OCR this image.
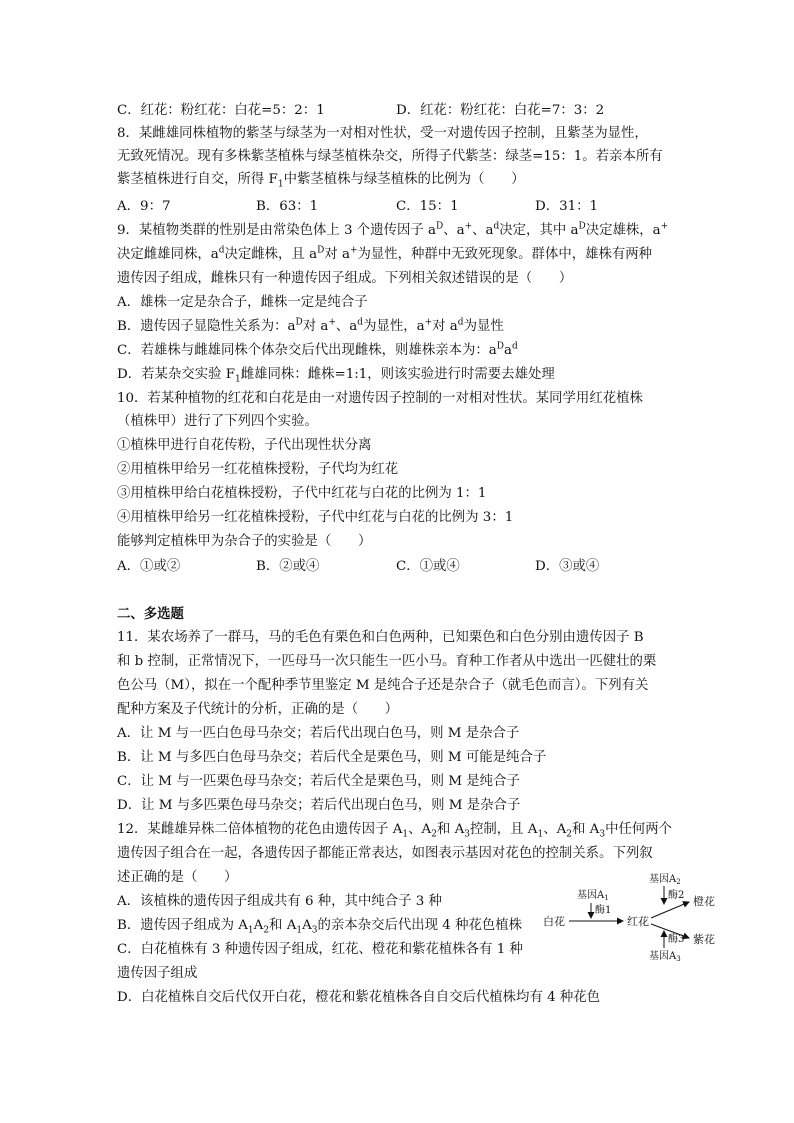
C．红花：粉红花：白花=5：2：1	D．红花：粉红花：白花=7：3：2
8．某雌雄同株植物的紫茎与绿茎为一对相对性状，受一对遗传因子控制，且紫茎为显性，
无致死情况。现有多株紫茎植株与绿茎植株杂交，所得子代紫茎：绿茎=15：1。若亲本所有
紫茎植株进行自交，所得 $F_1$中紫茎植株与绿茎植株的比例为（　　）
A．9：7	B．63：1	C．15：1	D．31：1
9．某植物类群的性别是由常染色体上 3 个遗传因子 $a^D$、a+、$a^d$决定，其中 $a^D$决定雄株，a+
决定雌雄同株，$a^d$决定雌株，且 $a^D$对 a+为显性，种群中无致死现象。群体中，雄株有两种
遗传因子组成，雌株只有一种遗传因子组成。下列相关叙述错误的是（　　）
A．雄株一定是杂合子，雌株一定是纯合子
B．遗传因子显隐性关系为：$a^D$对 a+、$a^d$为显性，a+对 $a^d$为显性
C．若雄株与雌雄同株个体杂交后代出现雌株，则雄株亲本为：$a^Da^d$
D．若某杂交实验 $F_1$雌雄同株：雌株=1:1，则该实验进行时需要去雄处理
10．若某种植物的红花和白花是由一对遗传因子控制的一对相对性状。某同学用红花植株
（植株甲）进行了下列四个实验。
①植株甲进行自花传粉，子代出现性状分离
②用植株甲给另一红花植株授粉，子代均为红花
③用植株甲给白花植株授粉，子代中红花与白花的比例为 1：1
④用植株甲给另一红花植株授粉，子代中红花与白花的比例为 3：1
能够判定植株甲为杂合子的实验是（　　）
A．①或②	B．②或④	C．①或④	D．③或④
二、多选题
11．某农场养了一群马，马的毛色有栗色和白色两种，已知栗色和白色分别由遗传因子 B
和 b 控制，正常情况下，一匹母马一次只能生一匹小马。育种工作者从中选出一匹健壮的栗
色公马（M），拟在一个配种季节里鉴定 M 是纯合子还是杂合子（就毛色而言）。下列有关
配种方案及子代统计的分析，正确的是（　　）
A．让 M 与一匹白色母马杂交；若后代出现白色马，则 M 是杂合子
B．让 M 与多匹白色母马杂交；若后代全是栗色马，则 M 可能是纯合子
C．让 M 与一匹栗色母马杂交；若后代全是栗色马，则 M 是纯合子
D．让 M 与多匹栗色母马杂交；若后代出现白色马，则 M 是杂合子
12．某雌雄异株二倍体植物的花色由遗传因子 $A_1$、$A_2$和 $A_3$控制，且 $A_1$、$A_2$和 $A_3$中任何两个
遗传因子组合在一起，各遗传因子都能正常表达，如图表示基因对花色的控制关系。下列叙
述正确的是（　　）
A．该植株的遗传因子组成共有 6 种，其中纯合子 3 种
B．遗传因子组成为 $A_1A_2$和 $A_1A_3$的亲本杂交后代出现 4 种花色植株
C．白花植株有 3 种遗传因子组成，红花、橙花和紫花植株各有 1 种
遗传因子组成
D．白花植株自交后代仅开白花，橙花和紫花植株各自自交后代植株均有 4 种花色
基因$A_1$
酶1
白花	红花
基因$A_2$
酶2 橙花
紫花
酶3
基因$A_3$
